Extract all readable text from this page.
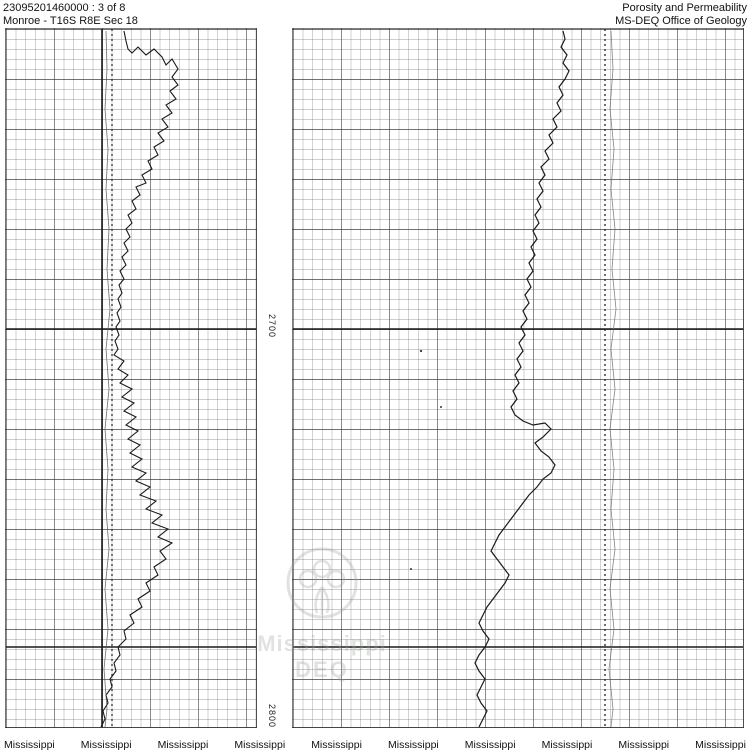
23095201460000 : 3 of 8
Monroe - T16S R8E Sec 18
Porosity and Permeability
MS-DEQ Office of Geology
2700
2800
Mississippi
DEQ
Mississippi Mississippi Mississippi Mississippi Mississippi Mississippi Mississippi Mississippi Mississippi Mississippi
